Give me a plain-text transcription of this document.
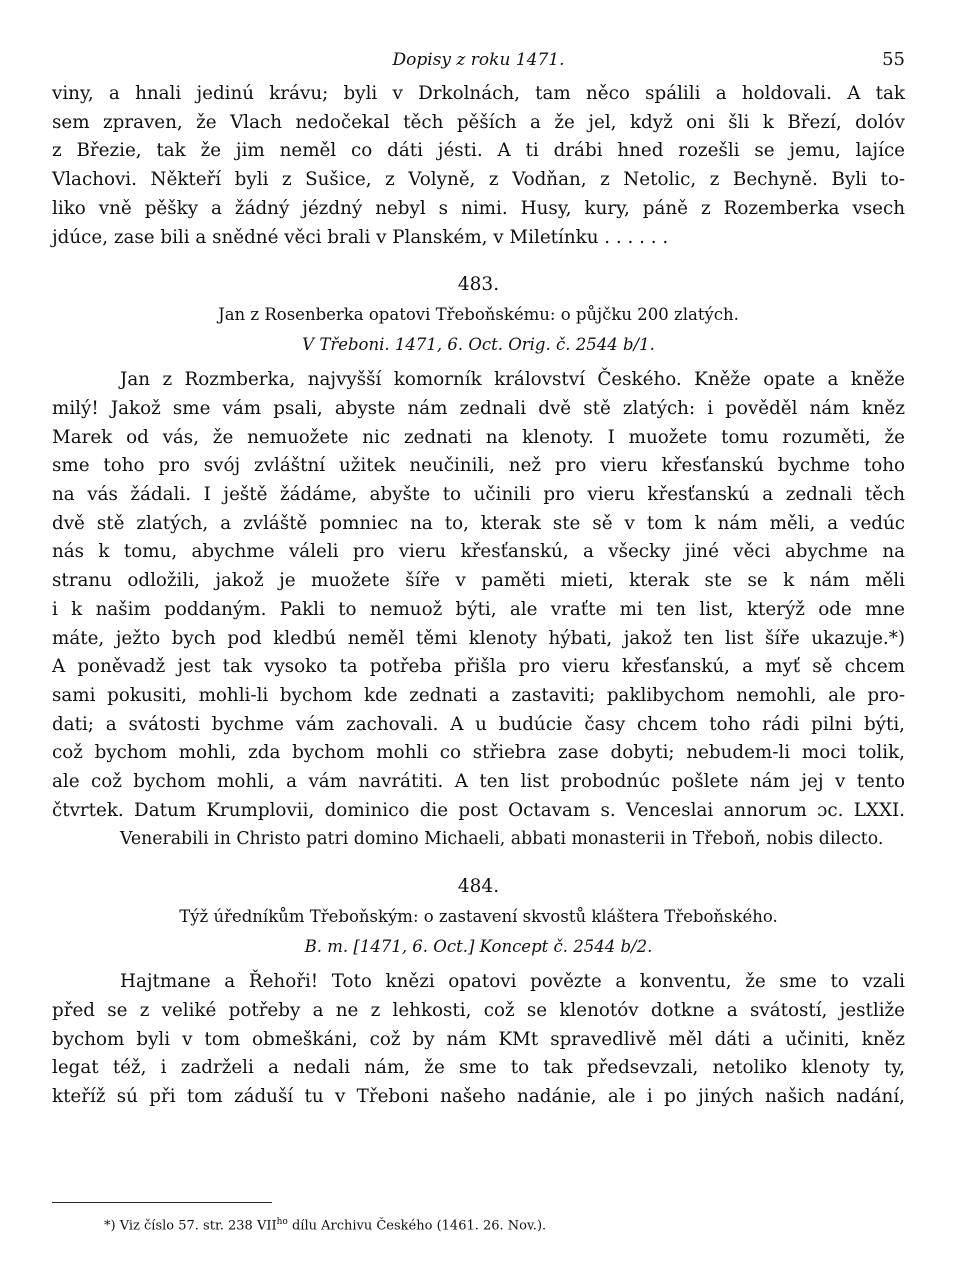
Dopisy z roku 1471.	55

viny, a hnali jedinú krávu; byli v Drkolnách, tam něco spálili a holdovali. A tak
sem zpraven, že Vlach nedočekal těch pěších a že jel, když oni šli k Březí, dolóv
z Březie, tak že jim neměl co dáti jésti. A ti drábi hned rozešli se jemu, lajíce
Vlachovi. Někteří byli z Sušice, z Volyně, z Vodňan, z Netolic, z Bechyně. Byli to-
liko vně pěšky a žádný jézdný nebyl s nimi. Husy, kury, páně z Rozemberka vsech
jdúce, zase bili a snědné věci brali v Planském, v Miletínku . . . . . .

483.

Jan z Rosenberka opatovi Třeboňskému: o půjčku 200 zlatých.

V Třeboni. 1471, 6. Oct. Orig. č. 2544 b/1.

Jan z Rozmberka, najvyšší komorník království Českého. Kněže opate a kněže
milý! Jakož sme vám psali, abyste nám zednali dvě stě zlatých: i pověděl nám kněz
Marek od vás, že nemuožete nic zednati na klenoty. I muožete tomu rozuměti, že
sme toho pro svój zvláštní užitek neučinili, než pro vieru křesťanskú bychme toho
na vás žádali. I ještě žádáme, abyšte to učinili pro vieru křesťanskú a zednali těch
dvě stě zlatých, a zvláště pomniec na to, kterak ste sě v tom k nám měli, a vedúc
nás k tomu, abychme váleli pro vieru křesťanskú, a všecky jiné věci abychme na
stranu odložili, jakož je muožete šíře v paměti mieti, kterak ste se k nám měli
i k našim poddaným. Pakli to nemuož býti, ale vraťte mi ten list, kterýž ode mne
máte, ježto bych pod kledbú neměl těmi klenoty hýbati, jakož ten list šíře ukazuje.*)
A poněvadž jest tak vysoko ta potřeba přišla pro vieru křesťanskú, a myť sě chcem
sami pokusiti, mohli-li bychom kde zednati a zastaviti; paklibychom nemohli, ale pro-
dati; a svátosti bychme vám zachovali. A u budúcie časy chcem toho rádi pilni býti,
což bychom mohli, zda bychom mohli co střiebra zase dobyti; nebudem-li moci tolik,
ale což bychom mohli, a vám navrátiti. A ten list probodnúc pošlete nám jej v tento
čtvrtek. Datum Krumplovii, dominico die post Octavam s. Venceslai annorum ɔc. LXXI.

Venerabili in Christo patri domino Michaeli, abbati monasterii in Třeboň, nobis dilecto.

484.

Týž úředníkům Třeboňským: o zastavení skvostů kláštera Třeboňského.

B. m. [1471, 6. Oct.] Koncept č. 2544 b/2.

Hajtmane a Řehoři! Toto knězi opatovi povězte a konventu, že sme to vzali
před se z veliké potřeby a ne z lehkosti, což se klenotóv dotkne a svátostí, jestliže
bychom byli v tom obmeškáni, což by nám KMt spravedlivě měl dáti a učiniti, kněz
legat též, i zadrželi a nedali nám, že sme to tak předsevzali, netoliko klenoty ty,
kteříž sú při tom záduší tu v Třeboni našeho nadánie, ale i po jiných našich nadání,

*) Viz číslo 57. str. 238 $VII^{ho}$ dílu Archivu Českého (1461. 26. Nov.).
